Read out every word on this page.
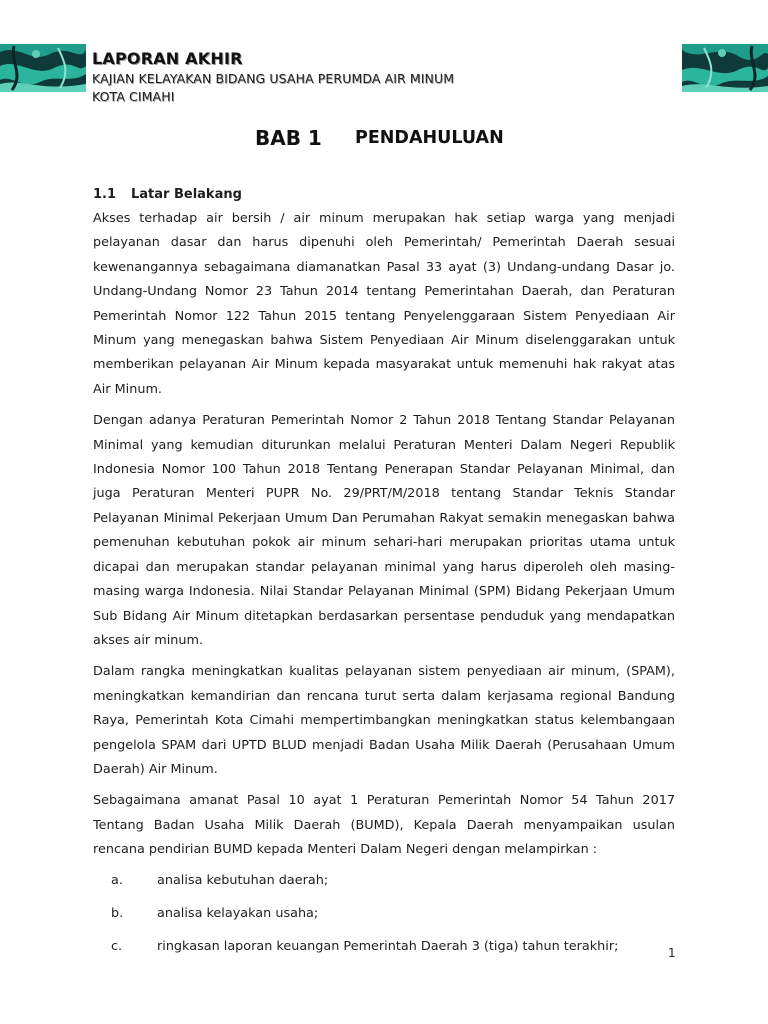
LAPORAN AKHIR
KAJIAN KELAYAKAN BIDANG USAHA PERUMDA AIR MINUM
KOTA CIMAHI
BAB 1 PENDAHULUAN
1.1 Latar Belakang

Akses terhadap air bersih / air minum merupakan hak setiap warga yang menjadi pelayanan dasar dan harus dipenuhi oleh Pemerintah/ Pemerintah Daerah sesuai kewenangannya sebagaimana diamanatkan Pasal 33 ayat (3) Undang-undang Dasar jo. Undang-Undang Nomor 23 Tahun 2014 tentang Pemerintahan Daerah, dan Peraturan Pemerintah Nomor 122 Tahun 2015 tentang Penyelenggaraan Sistem Penyediaan Air Minum yang menegaskan bahwa Sistem Penyediaan Air Minum diselenggarakan untuk memberikan pelayanan Air Minum kepada masyarakat untuk memenuhi hak rakyat atas Air Minum.

Dengan adanya Peraturan Pemerintah Nomor 2 Tahun 2018 Tentang Standar Pelayanan Minimal yang kemudian diturunkan melalui Peraturan Menteri Dalam Negeri Republik Indonesia Nomor 100 Tahun 2018 Tentang Penerapan Standar Pelayanan Minimal, dan juga Peraturan Menteri PUPR No. 29/PRT/M/2018 tentang Standar Teknis Standar Pelayanan Minimal Pekerjaan Umum Dan Perumahan Rakyat semakin menegaskan bahwa pemenuhan kebutuhan pokok air minum sehari-hari merupakan prioritas utama untuk dicapai dan merupakan standar pelayanan minimal yang harus diperoleh oleh masing-masing warga Indonesia. Nilai Standar Pelayanan Minimal (SPM) Bidang Pekerjaan Umum Sub Bidang Air Minum ditetapkan berdasarkan persentase penduduk yang mendapatkan akses air minum.

Dalam rangka meningkatkan kualitas pelayanan sistem penyediaan air minum, (SPAM), meningkatkan kemandirian dan rencana turut serta dalam kerjasama regional Bandung Raya, Pemerintah Kota Cimahi mempertimbangkan meningkatkan status kelembangaan pengelola SPAM dari UPTD BLUD menjadi Badan Usaha Milik Daerah (Perusahaan Umum Daerah) Air Minum.

Sebagaimana amanat Pasal 10 ayat 1 Peraturan Pemerintah Nomor 54 Tahun 2017 Tentang Badan Usaha Milik Daerah (BUMD), Kepala Daerah menyampaikan usulan rencana pendirian BUMD kepada Menteri Dalam Negeri dengan melampirkan :

a.	analisa kebutuhan daerah;
b.	analisa kelayakan usaha;
c.	ringkasan laporan keuangan Pemerintah Daerah 3 (tiga) tahun terakhir;	1
